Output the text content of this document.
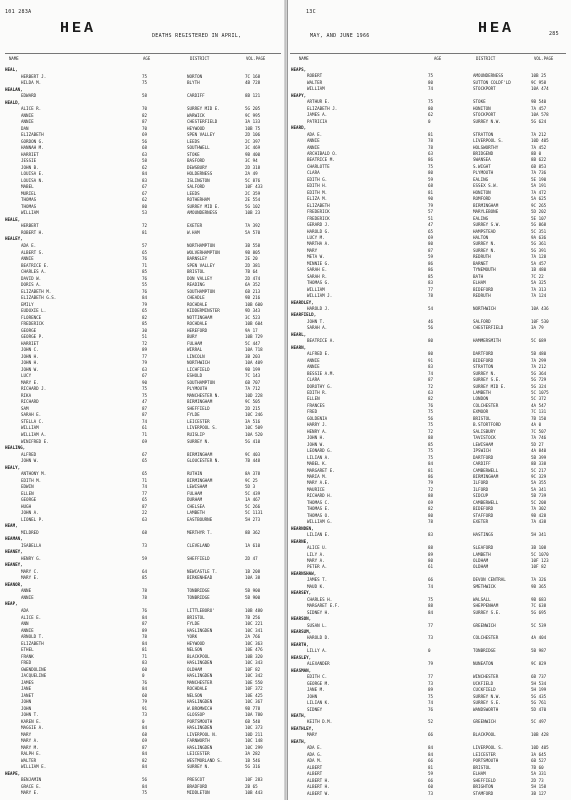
101 283A
HEA	DEATHS REGISTERED IN APRIL,
13C
MAY, AND JUNE 1966	HEA	285
NAME	AGE	DISTRICT	VOL.PAGE	NAME	AGE	DISTRICT	VOL.PAGE
HEAL,
HERBERT J.	75	NORTON	7C 168
HILDA M.	75	BLYTH	4B 728
HEALAN,
EDWARD	58	CARDIFF	8B 121
HEALD,
ALICE R.	70	SURREY MID E.	5G 205
ANNIE	82	WARWICK	9C 995
ANNIE	87	CHESTERFIELD	3A 133
DAN	70	HEYWOOD	10B 75
ELIZABETH	69	SPEN VALLEY	2D 106
GORDON G.	56	LEEDS	2C 397
HANNAH M.	68	SOUTHWELL	3C 469
HARRIET	63	STOKE	9B 400
JESSIE	58	BASFORD	3C 94
JOHN B.	62	DEWSBURY	2D 318
LOUISA E.	84	HOLDERNESS	2A 49
LOUISA N.	83	ISLINGTON	5C 876
MABEL	67	SALFORD	10F 433
MURIEL	67	LEEDS	2C 359
THOMAS	62	ROTHERHAM	2E 554
THOMAS	80	SURREY MID E.	5G 102
WILLIAM	53	AMOUNDERNESS	10B 23
HEALE,
HERBERT	72	EXETER	7A 392
ROBERT H.	81	W.HAM	5A 570
HEALEY,
ADA E.	57	NORTHAMPTON	3B 558
ALBERT S.	65	WOLVERHAMPTON	9B 805
ANNIE	76	BARNSLEY	2E 20
BEATRICE E.	71	SPEN VALLEY	2D 381
CHARLES A.	85	BRISTOL	7B 64
DAVID W.	76	DON VALLEY	2D 474
DORIS A.	55	READING	6A 352
ELIZABETH M.	76	SOUTHAMPTON	6B 213
ELIZABETH G.S.	84	CHEADLE	9B 216
EMILY	79	ROCHDALE	10B 600
EUDOXIE L.	65	KIDDERMINSTER	9D 343
FLORENCE	82	NOTTINGHAM	3C 523
FREDERICK	85	ROCHDALE	10B 604
GEORGE	30	HEREFORD	9A 17
GEORGE P.	51	BURY	10B 729
HARRIET	72	FULHAM	5C 447
JOHN C.	89	WIRRAL	10A 718
JOHN H.	77	LINCOLN	3B 203
JOHN H.	79	NORTHWICH	10A 409
JOHN W.	63	LICHFIELD	9B 199
LUCY	67	ESHOLD	7C 143
MARY E.	90	SOUTHAMPTON	6B 707
RICHARD J.	75	PLYMOUTH	7A 712
RIKA	75	MANCHESTER N.	10D 228
RICHARD	47	BIRMINGHAM	9C 505
SAM	87	SHEFFIELD	2D 215
SARAH E.	87	FYLDE	10C 246
STELLA C.	74	LEICESTER	3A 516
WILLIAM	61	LIVERPOOL S.	10C 509
WILLIAM A.	71	RUISLIP	10A 520
WINIFRED E.	69	SURREY N.	5G 410
HEALING,
ALFRED	67	BIRMINGHAM	9C 403
JOHN W.	65	GLOUCESTER N.	7B 448
HEALY,
ANTHONY M.	65	RUTHIN	8A 378
EDITH M.	71	BIRMINGHAM	9C 25
EDWIN	74	LEWISHAM	5D 3
ELLEN	77	FULHAM	5C 439
GEORGE	65	DURHAM	1A 467
HUGH	87	CHELSEA	5C 266
JOHN A.	22	LAMBETH	5C 1131
LIONEL P.	63	EASTBOURNE	5H 273
HEAM,
MILDRED	68	MERTHYR T.	8B 362
HEAMAN,
ISABELLA	73	CLEVELAND	1A 610
HEANEY,
HENRY G.	59	SHEFFIELD	2D 47
HEANEY,
MARY C.	64	NEWCASTLE T.	1B 208
MARY E.	85	BIRKENHEAD	10A 38
HEANOR,
ANNE	78	TONBRIDGE	5B 900
ANNIE	78	TONBRIDGE	5B 900
HEAP,
ADA	76	LITTLEBORO'	10B 480
ALICE E.	84	BRISTOL	7B 256
ANN	87	FYLDE	10C 221
ANNIE	89	HASLINGDEN	10C 341
ARNOLD T.	78	YORK	2A 766
ELIZABETH	84	HEYWOOD	10C 363
ETHEL	81	NELSON	10E 476
FRANK	71	BLACKPOOL	10B 320
FRED	83	HASLINGDEN	10C 343
GWENDOLINE	60	OLDHAM	10F 82
JACQUELINE	0	HASLINGDEN	10C 342
JAMES	76	MANCHESTER	10E 550
JANE	84	ROCHDALE	10F 372
JANET	60	NELSON	10E 425
JOHN	79	HASLINGDEN	10C 367
JOHN	91	W.BROMWICH	9B 778
JOHN T.	73	GLOSSOP	10A 780
KAREN E.	0	PORTSMOUTH	6B 540
MAGGIE A.	84	HASLINGDEN	10C 373
MARY	68	LIVERPOOL N.	10D 211
MARY A.	69	FARNWORTH	10C 148
MARY M.	87	HASLINGDEN	10C 299
RALPH E.	84	LEICESTER	3A 282
WALTER	82	WESTMORLAND S.	1B 546
WILLIAM E.	84	SURREY N.	5G 316
HEAPE,
BENJAMIN	56	PRESCOT	10F 283
GRACE E.	84	BRADFORD	2B 65
MARY E.	75	MIDDLETON	10B 443
HEAPS,
ROBERT	75	AMOUNDERNESS	10B 25
WALTER	80	SUTTON COLDF'LD	9C 958
WILLIAM	74	STOCKPORT	10A 474
HEAPY,
ARTHUR E.	75	STOKE	9B 540
ELIZABETH J.	80	HONITON	7A 457
JAMES A.	62	STOCKPORT	10A 578
PATRICIA	0	SURREY N.W.	5G 624
HEARD,
ADA E.	81	STRATTON	7A 212
ANNIE	78	LIVERPOOL S.	10D 405
ANNIE	78	HOLSWORTHY	7A 452
ARCHIBALD O.	63	BRIDGEND	8B 0
BEATRICE M.	86	SWANSEA	8B 622
CHARLOTTE	75	S.WIGHT	6B 853
CLARA	80	PLYMOUTH	7A 736
EDITH G.	59	EALING	5E 190
EDITH H.	68	ESSEX S.W.	5A 191
EDITH M.	81	HONITON	7A 472
ELIZA M.	90	ROMFORD	5A 625
ELIZABETH	79	BIRMINGHAM	9C 265
FREDERICK	57	MARYLEBONE	5D 202
FREDERICK	51	EALING	5E 107
GERARD J.	47	SURREY S.W.	5G 868
HAROLD G.	65	HAMPSTEAD	5C 351
LUCY M.	69	HALTON	9A 636
MARTHA A.	80	SURREY N.	5G 361
MARY	87	SURREY N.	5G 391
META W.	59	REDRUTH	7A 128
MINNIE G.	86	BARNET	5A 457
SARAH E.	86	TYNEMOUTH	1B 480
SARAH R.	85	BATH	7C 22
THOMAS G.	83	ELHAM	5A 325
WILLIAM	77	BIDEFORD	7A 313
WILLIAM J.	78	REDRUTH	7A 124
HEARDLEY,
HAROLD J.	54	NORTHWICH	10A 436
HEARFIELD,
JOHN T.	46	SALFORD	10F 530
SARAH A.	56	CHESTERFIELD	3A 79
HEARL,
BEATRICE A.	80	HAMMERSMITH	5C 689
HEARN,
ALFRED E.	80	DARTFORD	5B 480
ANNIE	91	BIDEFORD	7A 299
ANNIE	83	STRATTON	7A 212
BESSIE A.M.	74	SURREY N.	5G 364
CLARA	87	SURREY S.E.	5G 729
DOROTHY G.	72	SURREY MID E.	5G 324
EDITH R.	63	LAMBETH	5C 1075
ELLEN	82	LONDON	5C 372
FRANCES	76	COLCHESTER	4A 547
FRED	75	EXMOOR	7C 131
GOLDENIA	56	BRISTOL	7B 150
HARRY J.	75	B.STORTFORD	4A 0
HENRY A.	72	SALISBURY	7C 507
JOHN H.	88	TAVISTOCK	7A 746
JOHN W.	85	LEWISHAM	5D 27
LEONARD G.	75	IPSWICH	4A 840
LILIAN A.	75	DARTFORD	5B 399
MABEL K.	84	CARDIFF	8B 338
MARGARET E.	81	CAMBERWELL	5C 217
MARIA M.	86	BIRMINGHAM	9C 329
MARY A.E.	79	ILFORD	5A 355
MAURICE	72	ILFORD	5A 341
RICHARD H.	88	SIDCUP	5B 739
THOMAS C.	69	CAMBERWELL	5C 208
THOMAS E.	82	BIDEFORD	7A 302
THOMAS O.	80	STAFFORD	9B 428
WILLIAM G.	78	EXETER	7A 438
HEARNDEN,
LILIAN E.	83	HASTINGS	5H 341
HEARNE,
ALICE U.	88	SLEAFORD	3B 108
LILY A.	89	LAMBETH	5C 1070
MARY A.	80	OLDHAM	10F 123
PETER A.	61	OLDHAM	10F 82
HEARNSHAW,
JAMES T.	66	DEVON CENTRAL	7A 326
MAUD K.	74	SMETHWICK	9B 365
HEARSEY,
CHARLES H.	75	WALSALL	9B 683
MARGARET E.F.	88	SHEPPENHAM	7C 638
SIDNEY H.	84	SURREY S.E.	5G 695
HEARSON,
SUSAN L.	77	GREENWICH	5C 539
HEARSUM,
HAROLD D.	73	COLCHESTER	4A 404
HEARTH,
LILLY A.	0	TONBRIDGE	5B 987
HEASLEY,
ALEXANDER	79	NUNEATON	9C 829
HEASMAN,
EDITH C.	77	WINCHESTER	6B 737
GEORGE M.	73	UCKFIELD	5H 534
JANE M.	89	CUCKFIELD	5H 199
JOHN	75	SURREY N.W.	5G 435
LILIAN K.	74	SURREY S.E.	5G 761
SIDNEY	76	WANDSWORTH	5D 470
HEATH,
KEITH D.M.	52	GREENWICH	5C 497
HEATHLEY,
MARY	66	BLACKPOOL	10B 428
HEATH,
ADA E.	84	LIVERPOOL S.	10D 405
ADA G.	84	LEICESTER	3A 645
ADA M.	66	PORTSMOUTH	6B 527
ALBERT	81	BRISTOL	7B 60
ALBERT	59	ELHAM	5A 331
ALBERT H.	66	SHEFFIELD	2D 73
ALBERT H.	60	BRIGHTON	5H 158
ALBERT W.	73	STAMFORD	3B 127
